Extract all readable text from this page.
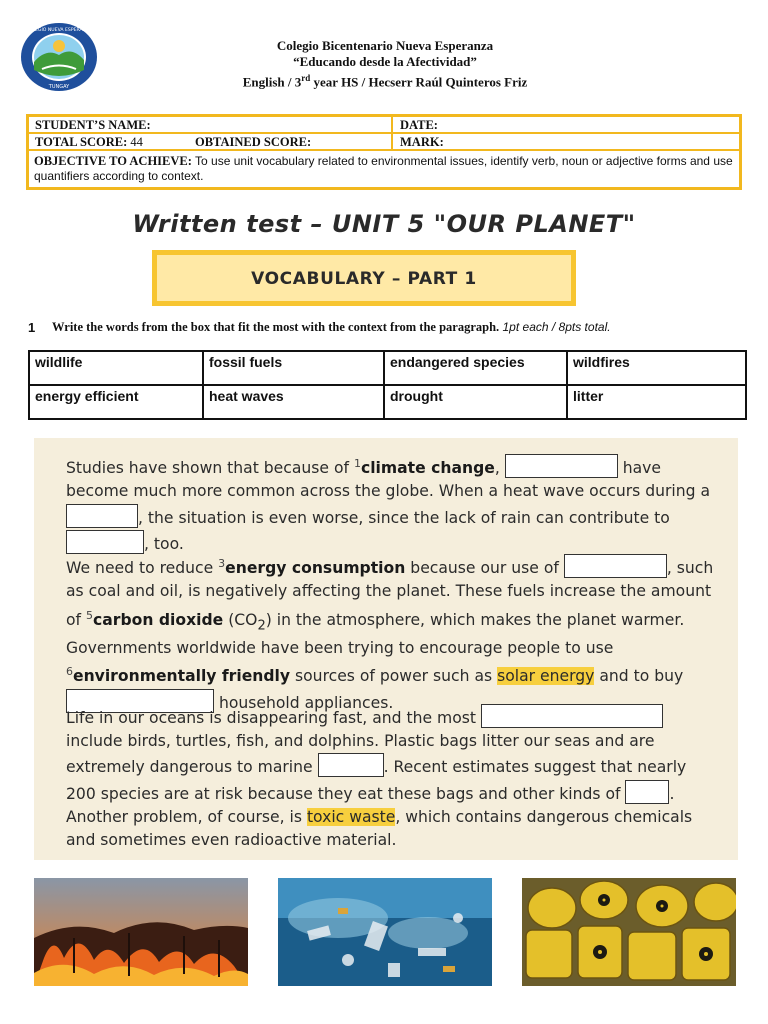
TUNGAY
COLEGIO NUEVA ESPERANZA
Colegio Bicentenario Nueva Esperanza
“Educando desde la Afectividad”
English / 3rd year HS / Hecserr Raúl Quinteros Friz
STUDENT’S NAME:	DATE:
TOTAL SCORE: 44	OBTAINED SCORE:	MARK:
OBJECTIVE TO ACHIEVE: To use unit vocabulary related to environmental issues, identify verb, noun or adjective forms and use quantifiers according to context.
Written test – UNIT 5 "OUR PLANET"
VOCABULARY – PART 1
1 Write the words from the box that fit the most with the context from the paragraph. 1pt each / 8pts total.
wildlife	fossil fuels	endangered species	wildfires
energy efficient	heat waves	drought	litter
Studies have shown that because of $^1$climate change,	have become much more common across the globe. When a heat wave occurs during a , the situation is even worse, since the lack of rain can contribute to , too.
We need to reduce $^3$energy consumption because our use of	, such as coal and oil, is negatively affecting the planet. These fuels increase the amount of $^5$carbon dioxide $(CO_2)$ in the atmosphere, which makes the planet warmer. Governments worldwide have been trying to encourage people to use $^6$environmentally friendly sources of power such as solar energy and to buy  household appliances.
Life in our oceans is disappearing fast, and the most  include birds, turtles, fish, and dolphins. Plastic bags litter our seas and are extremely dangerous to marine	. Recent estimates suggest that nearly 200 species are at risk because they eat these bags and other kinds of	. Another problem, of course, is toxic waste, which contains dangerous chemicals and sometimes even radioactive material.
